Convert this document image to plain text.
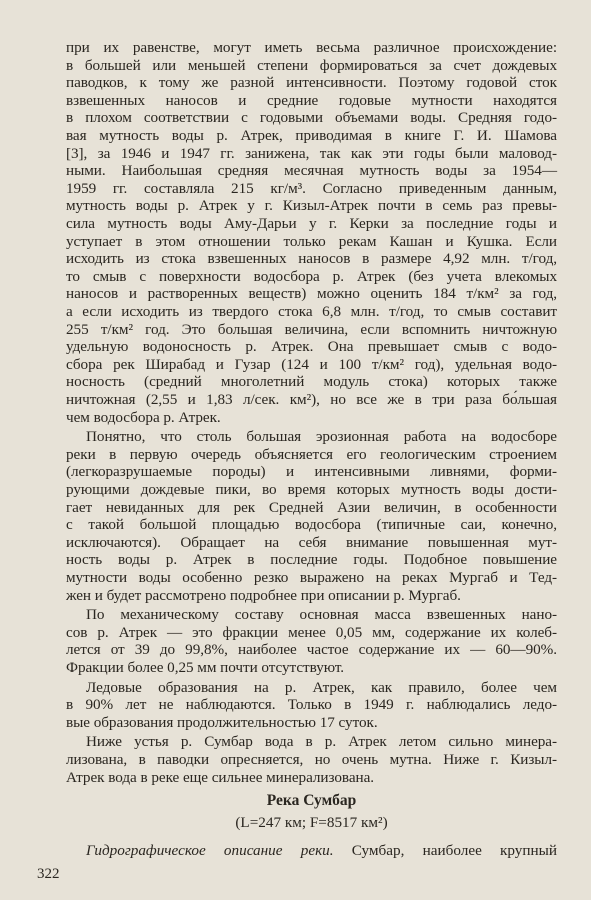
при их равенстве, могут иметь весьма различное происхождение:
в большей или меньшей степени формироваться за счет дождевых
паводков, к тому же разной интенсивности. Поэтому годовой сток
взвешенных наносов и средние годовые мутности находятся
в плохом соответствии с годовыми объемами воды. Средняя годо-
вая мутность воды р. Атрек, приводимая в книге Г. И. Шамова
[3], за 1946 и 1947 гг. занижена, так как эти годы были маловод-
ными. Наибольшая средняя месячная мутность воды за 1954—
1959 гг. составляла 215 кг/м³. Согласно приведенным данным,
мутность воды р. Атрек у г. Кизыл-Атрек почти в семь раз превы-
сила мутность воды Аму-Дарьи у г. Керки за последние годы и
уступает в этом отношении только рекам Кашан и Кушка. Если
исходить из стока взвешенных наносов в размере 4,92 млн. т/год,
то смыв с поверхности водосбора р. Атрек (без учета влекомых
наносов и растворенных веществ) можно оценить 184 т/км² за год,
а если исходить из твердого стока 6,8 млн. т/год, то смыв составит
255 т/км² год. Это большая величина, если вспомнить ничтожную
удельную водоносность р. Атрек. Она превышает смыв с водо-
сбора рек Ширабад и Гузар (124 и 100 т/км² год), удельная водо-
носность (средний многолетний модуль стока) которых также
ничтожная (2,55 и 1,83 л/сек. км²), но все же в три раза бо́льшая
чем водосбора р. Атрек.
Понятно, что столь большая эрозионная работа на водосборе
реки в первую очередь объясняется его геологическим строением
(легкоразрушаемые породы) и интенсивными ливнями, форми-
рующими дождевые пики, во время которых мутность воды дости-
гает невиданных для рек Средней Азии величин, в особенности
с такой большой площадью водосбора (типичные саи, конечно,
исключаются). Обращает на себя внимание повышенная мут-
ность воды р. Атрек в последние годы. Подобное повышение
мутности воды особенно резко выражено на реках Мургаб и Тед-
жен и будет рассмотрено подробнее при описании р. Мургаб.
По механическому составу основная масса взвешенных нано-
сов р. Атрек — это фракции менее 0,05 мм, содержание их колеб-
лется от 39 до 99,8%, наиболее частое содержание их — 60—90%.
Фракции более 0,25 мм почти отсутствуют.
Ледовые образования на р. Атрек, как правило, более чем
в 90% лет не наблюдаются. Только в 1949 г. наблюдались ледо-
вые образования продолжительностью 17 суток.
Ниже устья р. Сумбар вода в р. Атрек летом сильно минера-
лизована, в паводки опресняется, но очень мутна. Ниже г. Кизыл-
Атрек вода в реке еще сильнее минерализована.
Река Сумбар
(L=247 км; F=8517 км²)
Гидрографическое описание реки. Сумбар, наиболее крупный
322
